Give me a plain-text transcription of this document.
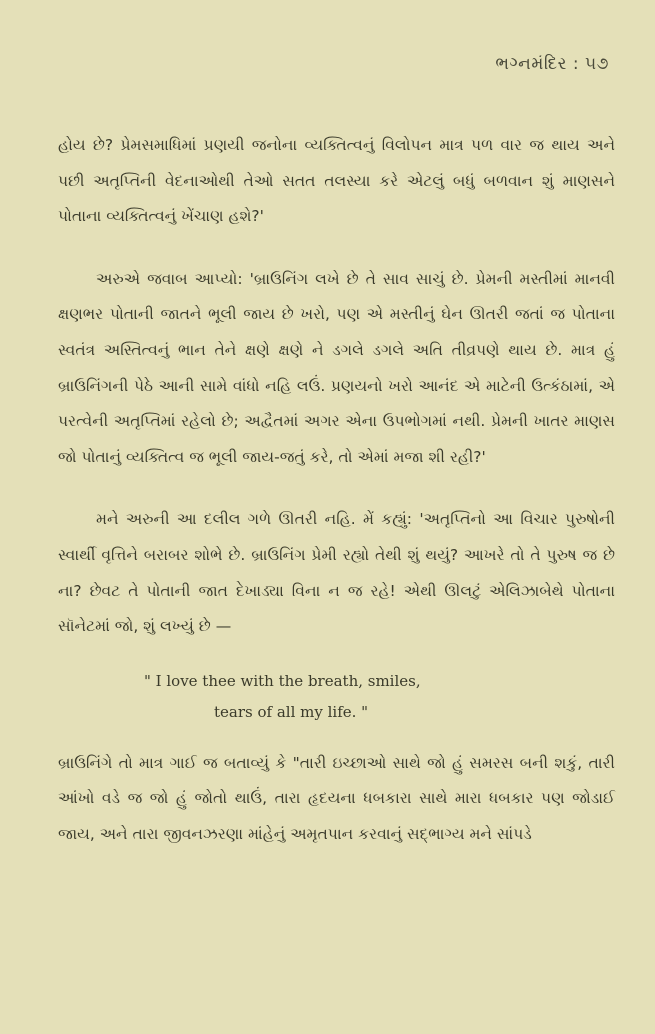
ભગ્નમંદિર : ૫૭

હોય છે? પ્રેમસમાધિમાં પ્રણયી જનોના વ્યક્તિત્વનું વિલોપન માત્ર પળ વાર જ થાય અને પછી અતૃપ્તિની વેદનાઓથી તેઓ સતત તલસ્યા કરે એટલું બધું બળવાન શું માણસને પોતાના વ્યક્તિત્વનું ખેંચાણ હશે?'

અરુએ જવાબ આપ્યો: 'બ્રાઉનિંગ લખે છે તે સાવ સાચું છે. પ્રેમની મસ્તીમાં માનવી ક્ષણભર પોતાની જાતને ભૂલી જાય છે ખરો, પણ એ મસ્તીનું ઘેન ઊતરી જતાં જ પોતાના સ્વતંત્ર અસ્તિત્વનું ભાન તેને ક્ષણે ક્ષણે ને ડગલે ડગલે અતિ તીવ્રપણે થાય છે. માત્ર હું બ્રાઉનિંગની પેઠે આની સામે વાંધો નહિ લઉં. પ્રણયનો ખરો આનંદ એ માટેની ઉત્કંઠામાં, એ પરત્વેની અતૃપ્તિમાં રહેલો છે; અદ્વૈતમાં અગર એના ઉપભોગમાં નથી. પ્રેમની ખાતર માણસ જો પોતાનું વ્યક્તિત્વ જ ભૂલી જાય-જતું કરે, તો એમાં મજા શી રહી?'

મને અરુની આ દલીલ ગળે ઊતરી નહિ. મેં કહ્યું: 'અતૃપ્તિનો આ વિચાર પુરુષોની સ્વાર્થી વૃત્તિને બરાબર શોભે છે. બ્રાઉનિંગ પ્રેમી રહ્યો તેથી શું થયું? આખરે તો તે પુરુષ જ છે ના? છેવટ તે પોતાની જાત દેખાડ્યા વિના ન જ રહે! એથી ઊલટું એલિઝાબેથે પોતાના સૉનેટમાં જો, શું લખ્યું છે —

" I love thee with the breath, smiles,
tears of all my life. "

બ્રાઉનિંગે તો માત્ર ગાઈ જ બતાવ્યું કે "તારી ઇચ્છાઓ સાથે જો હું સમરસ બની શકું, તારી આંખો વડે જ જો હું જોતો થાઉં, તારા હૃદયના ધબકારા સાથે મારા ધબકાર પણ જોડાઈ જાય, અને તારા જીવનઝરણા માંહેનું અમૃતપાન કરવાનું સદ્ભાગ્ય મને સાંપડે
